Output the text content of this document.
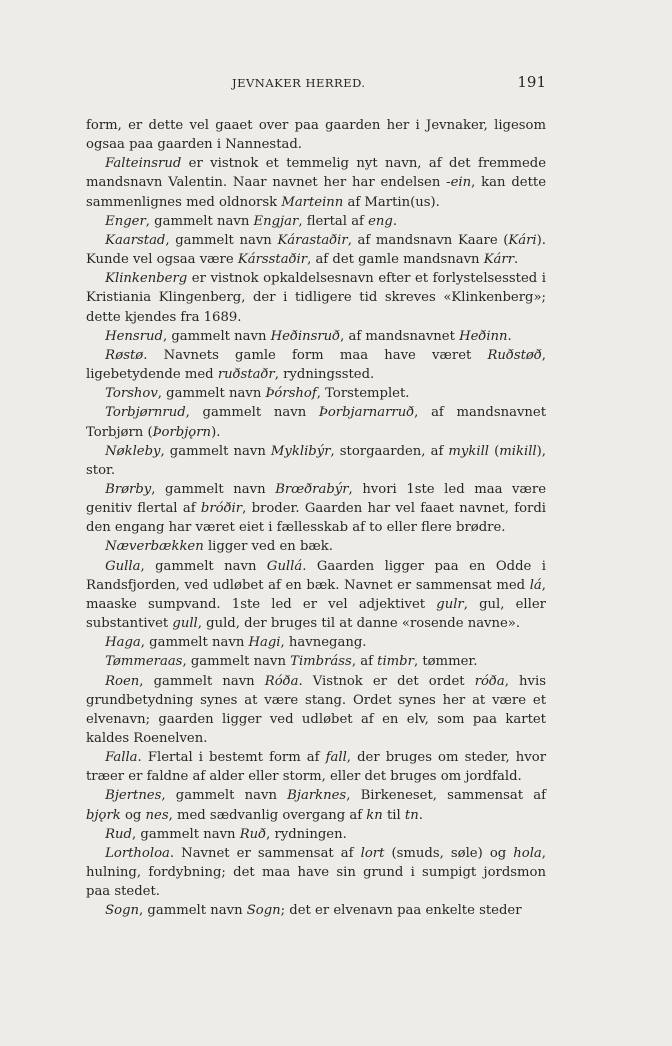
JEVNAKER HERRED.	191

form, er dette vel gaaet over paa gaarden her i Jevnaker, ligesom ogsaa paa gaarden i Nannestad.

Falteinsrud er vistnok et temmelig nyt navn, af det fremmede mandsnavn Valentin. Naar navnet her har endelsen -ein, kan dette sammenlignes med oldnorsk Marteinn af Martin(us).

Enger, gammelt navn Engjar, flertal af eng.

Kaarstad, gammelt navn Kárastaðir, af mandsnavn Kaare (Kári). Kunde vel ogsaa være Kársstaðir, af det gamle mandsnavn Kárr.

Klinkenberg er vistnok opkaldelsesnavn efter et forlystelsessted i Kristiania Klingenberg, der i tidligere tid skreves «Klinkenberg»; dette kjendes fra 1689.

Hensrud, gammelt navn Heðinsruð, af mandsnavnet Heðinn.

Røstø. Navnets gamle form maa have været Ruðstøð, ligebetydende med ruðstaðr, rydningssted.

Torshov, gammelt navn Þórshof, Torstemplet.

Torbjørnrud, gammelt navn Þorbjarnarruð, af mandsnavnet Torbjørn (Þorbjǫrn).

Nøkleby, gammelt navn Myklibýr, storgaarden, af mykill (mikill), stor.

Brørby, gammelt navn Brœðrabýr, hvori 1ste led maa være genitiv flertal af bróðir, broder. Gaarden har vel faaet navnet, fordi den engang har været eiet i fællesskab af to eller flere brødre.

Næverbækken ligger ved en bæk.

Gulla, gammelt navn Gullá. Gaarden ligger paa en Odde i Randsfjorden, ved udløbet af en bæk. Navnet er sammensat med lá, maaske sumpvand. 1ste led er vel adjektivet gulr, gul, eller substantivet gull, guld, der bruges til at danne «rosende navne».

Haga, gammelt navn Hagi, havnegang.

Tømmeraas, gammelt navn Timbráss, af timbr, tømmer.

Roen, gammelt navn Róða. Vistnok er det ordet róða, hvis grundbetydning synes at være stang. Ordet synes her at være et elvenavn; gaarden ligger ved udløbet af en elv, som paa kartet kaldes Roenelven.

Falla. Flertal i bestemt form af fall, der bruges om steder, hvor træer er faldne af alder eller storm, eller det bruges om jordfald.

Bjertnes, gammelt navn Bjarknes, Birkeneset, sammensat af bjǫrk og nes, med sædvanlig overgang af kn til tn.

Rud, gammelt navn Ruð, rydningen.

Lortholoa. Navnet er sammensat af lort (smuds, søle) og hola, hulning, fordybning; det maa have sin grund i sumpigt jordsmon paa stedet.

Sogn, gammelt navn Sogn; det er elvenavn paa enkelte steder
